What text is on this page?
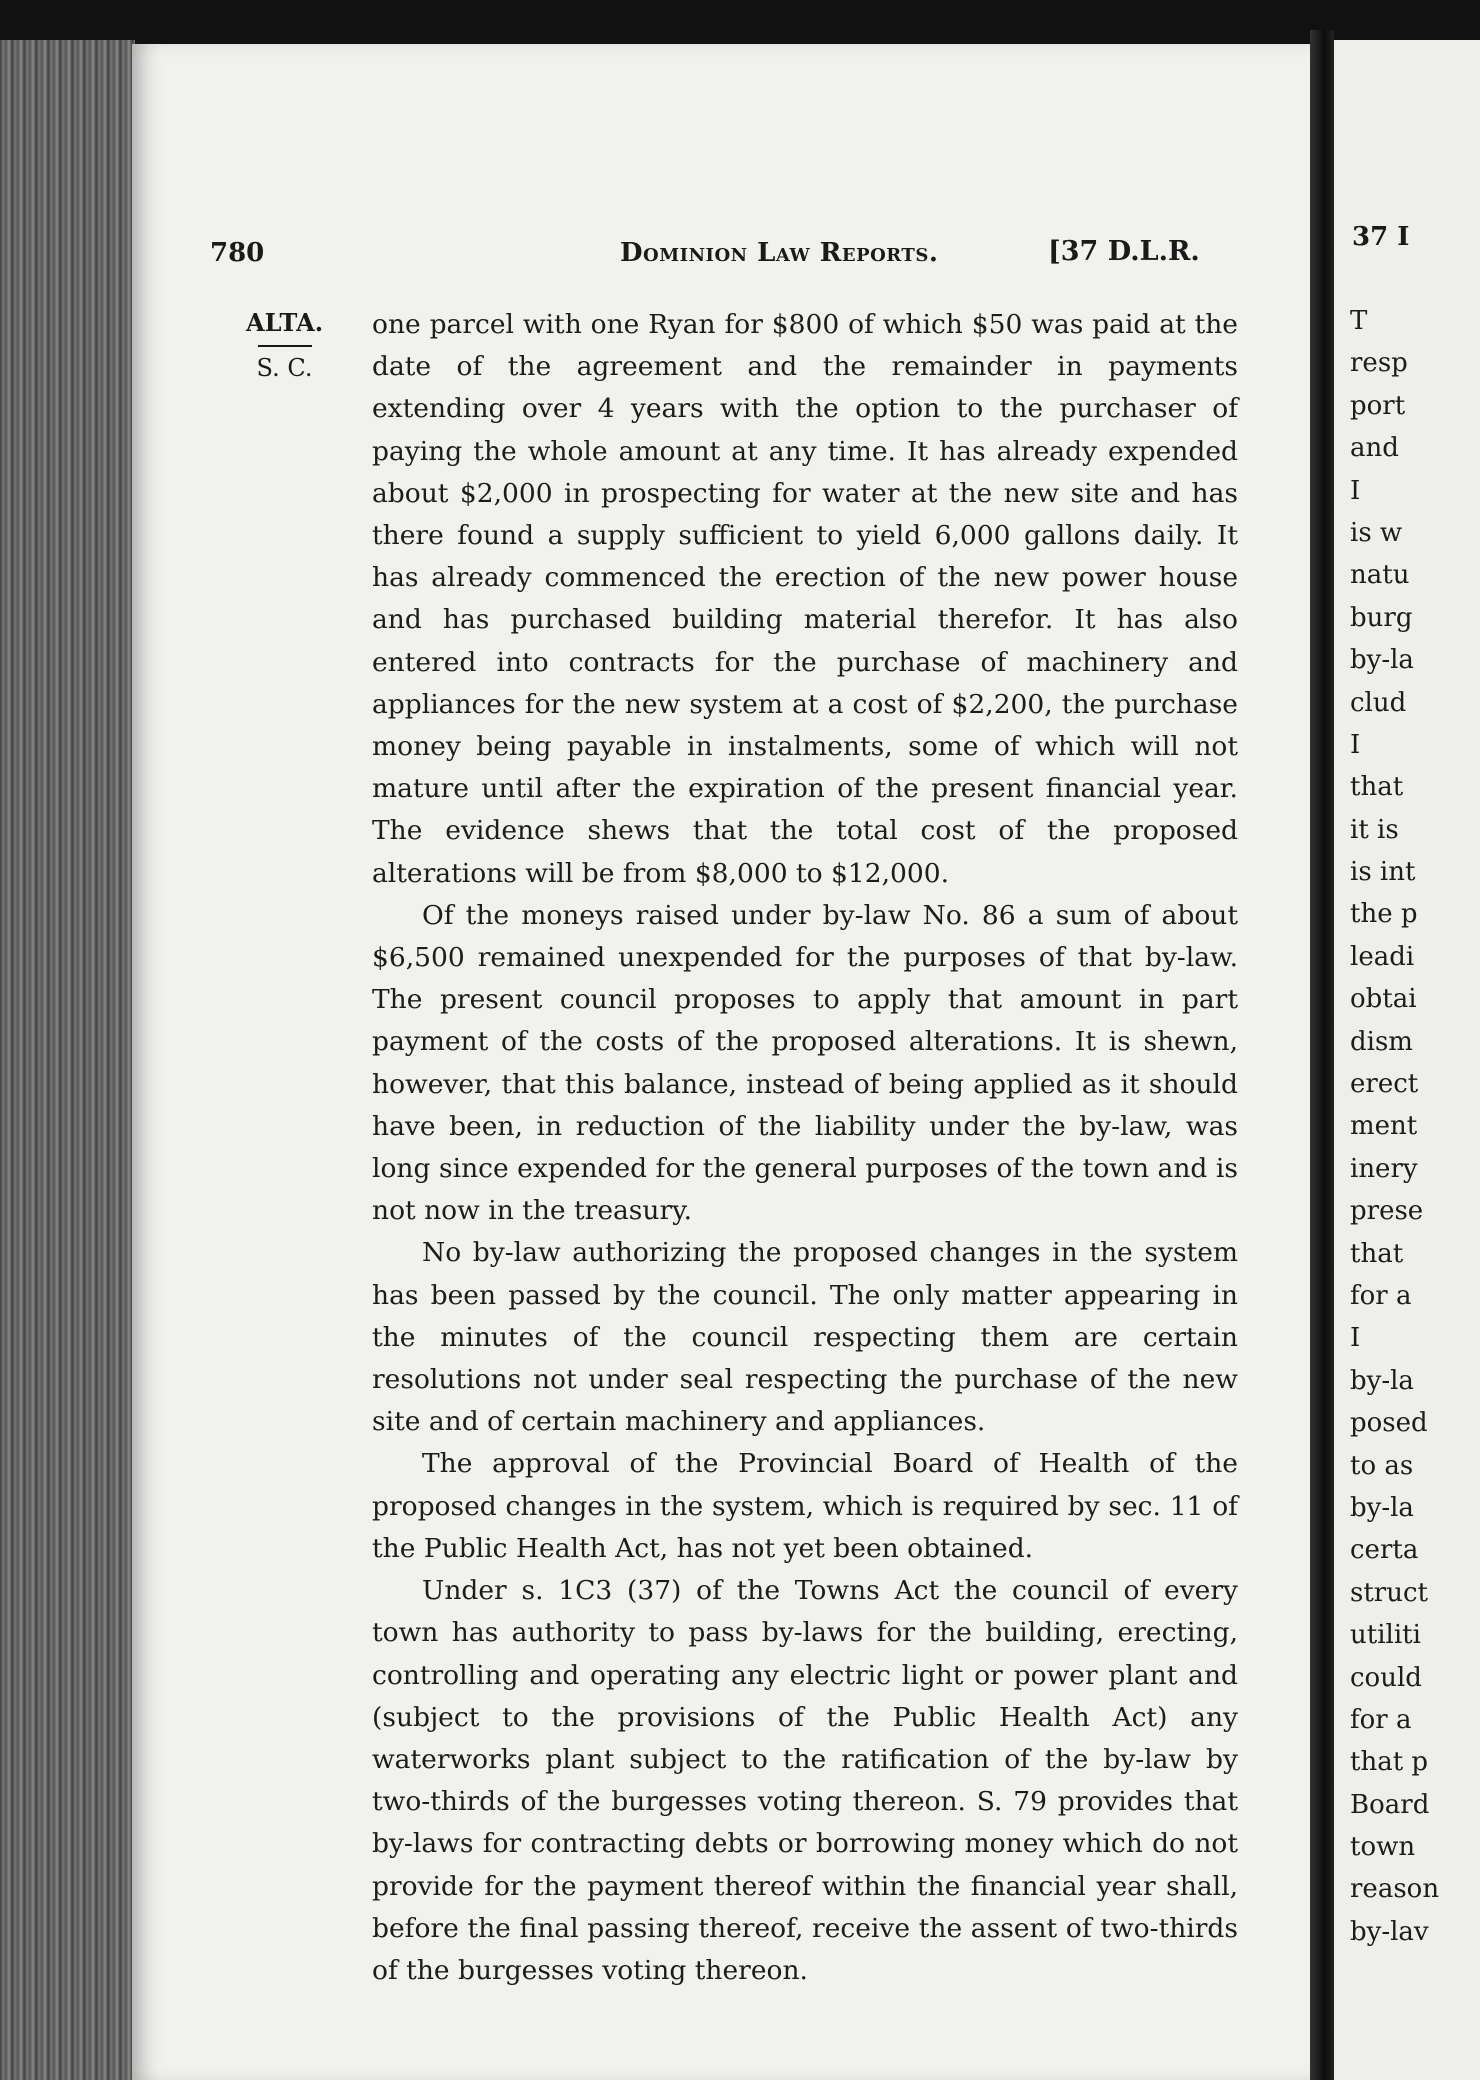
780	Dominion Law Reports.	[37 D.L.R.
ALTA.
S. C.

one parcel with one Ryan for $800 of which $50 was paid at the date of the agreement and the remainder in payments extending over 4 years with the option to the purchaser of paying the whole amount at any time. It has already expended about $2,000 in prospecting for water at the new site and has there found a supply sufficient to yield 6,000 gallons daily. It has already commenced the erection of the new power house and has purchased building material therefor. It has also entered into contracts for the purchase of machinery and appliances for the new system at a cost of $2,200, the purchase money being payable in instalments, some of which will not mature until after the expiration of the present financial year. The evidence shews that the total cost of the proposed alterations will be from $8,000 to $12,000.

Of the moneys raised under by-law No. 86 a sum of about $6,500 remained unexpended for the purposes of that by-law. The present council proposes to apply that amount in part payment of the costs of the proposed alterations. It is shewn, however, that this balance, instead of being applied as it should have been, in reduction of the liability under the by-law, was long since expended for the general purposes of the town and is not now in the treasury.

No by-law authorizing the proposed changes in the system has been passed by the council. The only matter appearing in the minutes of the council respecting them are certain resolutions not under seal respecting the purchase of the new site and of certain machinery and appliances.

The approval of the Provincial Board of Health of the proposed changes in the system, which is required by sec. 11 of the Public Health Act, has not yet been obtained.

Under s. 1C3 (37) of the Towns Act the council of every town has authority to pass by-laws for the building, erecting, controlling and operating any electric light or power plant and (subject to the provisions of the Public Health Act) any waterworks plant subject to the ratification of the by-law by two-thirds of the burgesses voting thereon. S. 79 provides that by-laws for contracting debts or borrowing money which do not provide for the payment thereof within the financial year shall, before the final passing thereof, receive the assent of two-thirds of the burgesses voting thereon.

37 I
T
resp
port
and
I
is w
natu
burg
by-la
clud
I
that
it is
is int
the p
leadi
obtai
dism
erect
ment
inery
prese
that
for a
I
by-la
posed
to as
by-la
certa
struct
utiliti
could
for a
that p
Board
town
reason
by-lav
